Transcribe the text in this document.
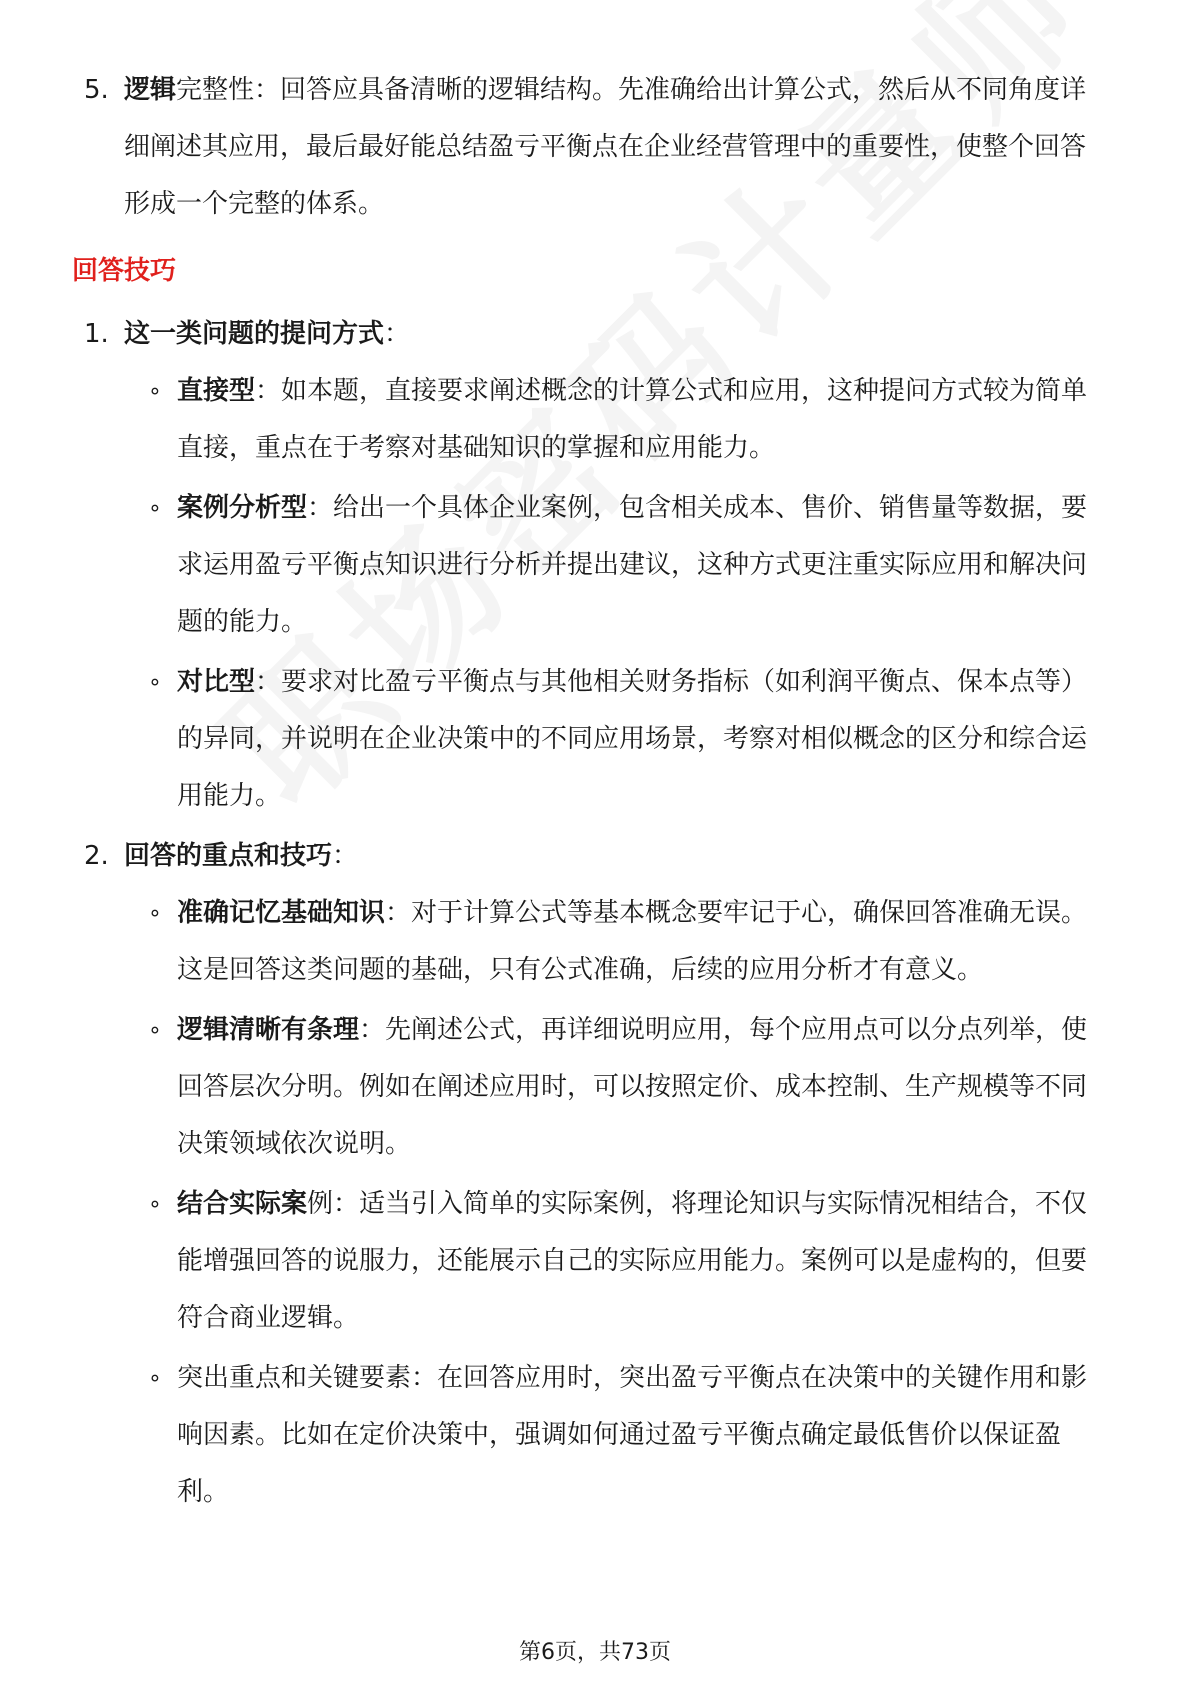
5. 逻辑完整性：回答应具备清晰的逻辑结构。先准确给出计算公式，然后从不同角度详细阐述其应用，最后最好能总结盈亏平衡点在企业经营管理中的重要性，使整个回答形成一个完整的体系。
回答技巧
1. 这一类问题的提问方式：
∘ 直接型：如本题，直接要求阐述概念的计算公式和应用，这种提问方式较为简单直接，重点在于考察对基础知识的掌握和应用能力。
∘ 案例分析型：给出一个具体企业案例，包含相关成本、售价、销售量等数据，要求运用盈亏平衡点知识进行分析并提出建议，这种方式更注重实际应用和解决问题的能力。
∘ 对比型：要求对比盈亏平衡点与其他相关财务指标（如利润平衡点、保本点等）的异同，并说明在企业决策中的不同应用场景，考察对相似概念的区分和综合运用能力。
2. 回答的重点和技巧：
∘ 准确记忆基础知识：对于计算公式等基本概念要牢记于心，确保回答准确无误。这是回答这类问题的基础，只有公式准确，后续的应用分析才有意义。
∘ 逻辑清晰有条理：先阐述公式，再详细说明应用，每个应用点可以分点列举，使回答层次分明。例如在阐述应用时，可以按照定价、成本控制、生产规模等不同决策领域依次说明。
∘ 结合实际案例：适当引入简单的实际案例，将理论知识与实际情况相结合，不仅能增强回答的说服力，还能展示自己的实际应用能力。案例可以是虚构的，但要符合商业逻辑。
∘ 突出重点和关键要素：在回答应用时，突出盈亏平衡点在决策中的关键作用和影响因素。比如在定价决策中，强调如何通过盈亏平衡点确定最低售价以保证盈利。
第6页，共73页
